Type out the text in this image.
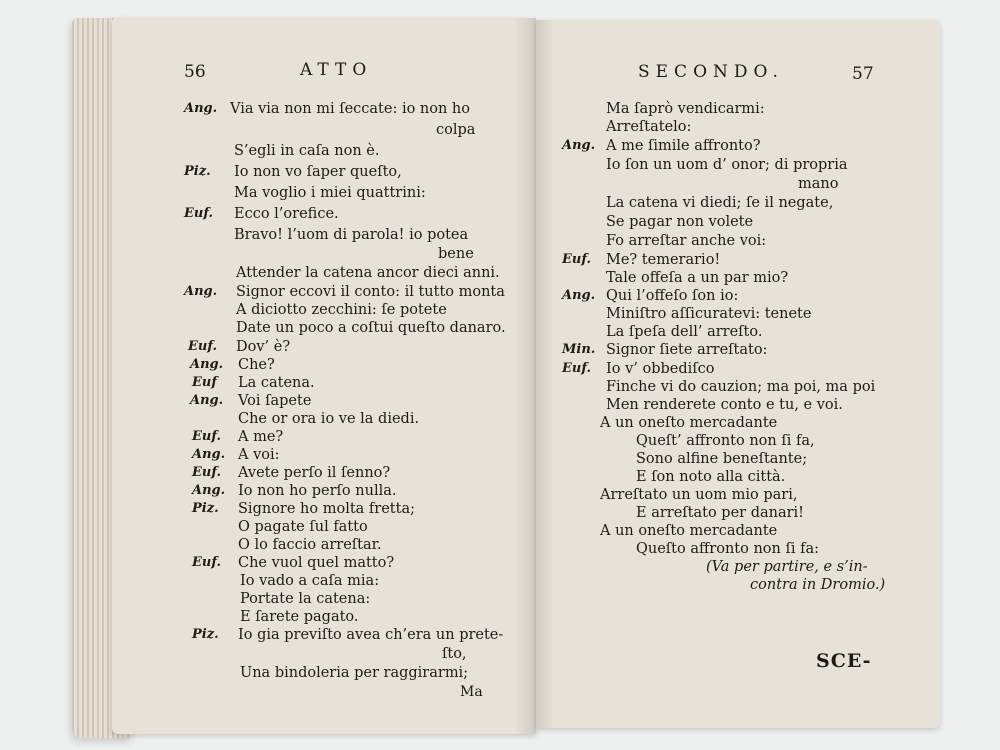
56	ATTO
Ang. Via via non mi ſeccate: io non ho
colpa
S’egli in caſa non è.
Piz. Io non vo ſaper queſto,
Ma voglio i miei quattrini:
Euf. Ecco l’orefice.
Bravo! l’uom di parola! io potea
bene
Attender la catena ancor dieci anni.
Ang. Signor eccovi il conto: il tutto monta
A diciotto zecchini: ſe potete
Date un poco a coſtui queſto danaro.
Euf. Dov’ è?
Ang. Che?
Euf La catena.
Ang. Voi ſapete
Che or ora io ve la diedi.
Euf. A me?
Ang. A voi:
Euf. Avete perſo il ſenno?
Ang. Io non ho perſo nulla.
Piz. Signore ho molta fretta;
O pagate ſul fatto
O lo faccio arreſtar.
Euf. Che vuol quel matto?
Io vado a caſa mia:
Portate la catena:
E ſarete pagato.
Piz. Io gia previſto avea ch’era un prete-
ſto,
Una bindoleria per raggirarmi;
Ma
SECONDO.	57
Ma ſaprò vendicarmi:
Arreſtatelo:
Ang. A me ſimile affronto?
Io ſon un uom d’ onor; di propria
mano
La catena vi diedi; ſe il negate,
Se pagar non volete
Fo arreſtar anche voi:
Euf. Me? temerario!
Tale offeſa a un par mio?
Ang. Qui l’offeſo ſon io:
Miniſtro aſſicuratevi: tenete
La ſpeſa dell’ arreſto.
Min. Signor ſiete arreſtato:
Euf. Io v’ obbediſco
Finche vi do cauzion; ma poi, ma poi
Men renderete conto e tu, e voi.
A un oneſto mercadante
Queſt’ affronto non ſi fa,
Sono alfine beneſtante;
E ſon noto alla città.
Arreſtato un uom mio pari,
E arreſtato per danari!
A un oneſto mercadante
Queſto affronto non ſi fa:
(Va per partire, e s’in-
contra in Dromio.)
SCE-
